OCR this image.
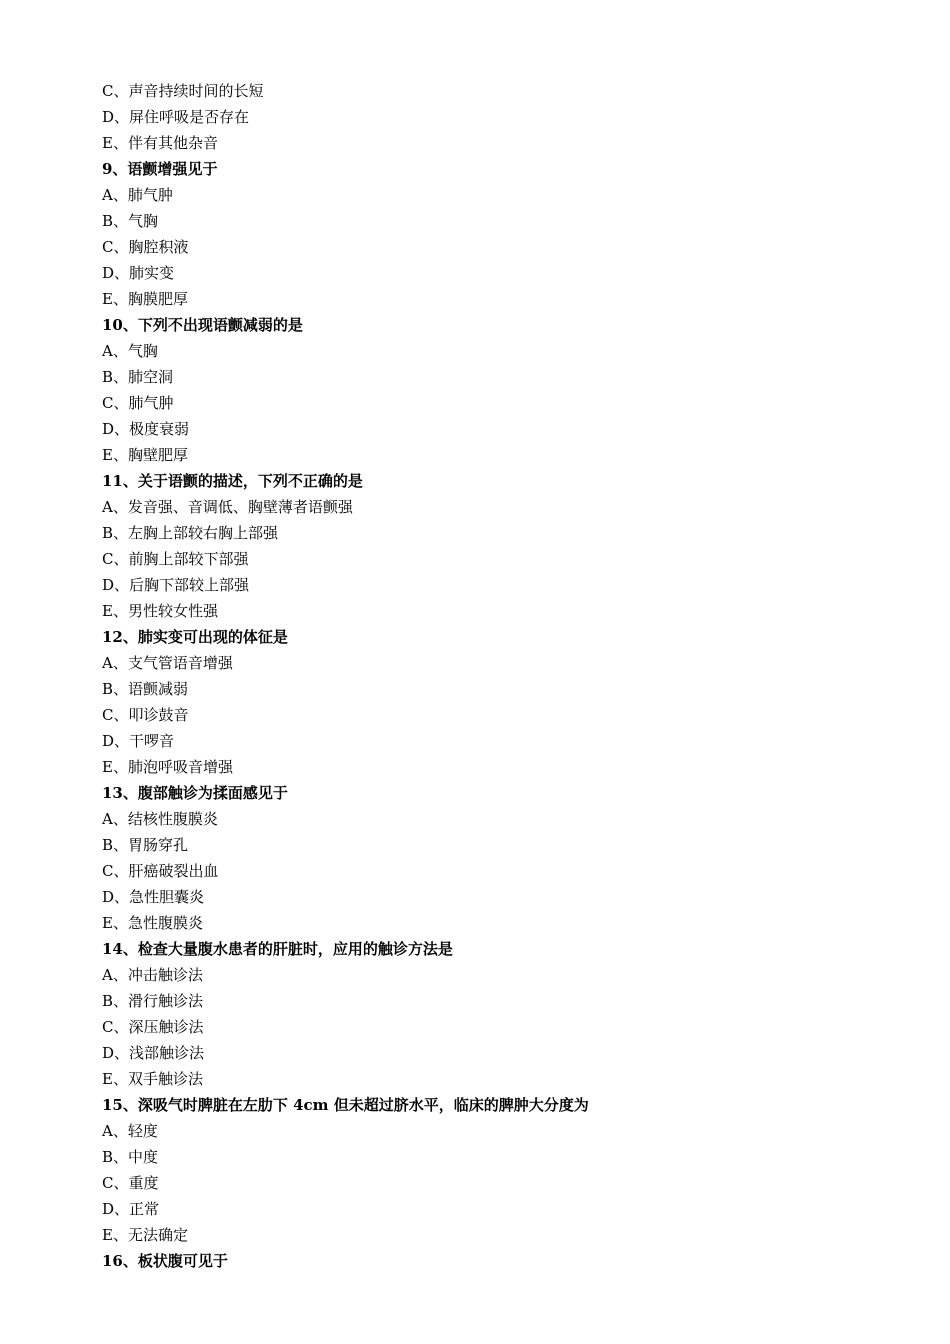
C、声音持续时间的长短
D、屏住呼吸是否存在
E、伴有其他杂音
9、语颤增强见于
A、肺气肿
B、气胸
C、胸腔积液
D、肺实变
E、胸膜肥厚
10、下列不出现语颤减弱的是
A、气胸
B、肺空洞
C、肺气肿
D、极度衰弱
E、胸壁肥厚
11、关于语颤的描述，下列不正确的是
A、发音强、音调低、胸壁薄者语颤强
B、左胸上部较右胸上部强
C、前胸上部较下部强
D、后胸下部较上部强
E、男性较女性强
12、肺实变可出现的体征是
A、支气管语音增强
B、语颤减弱
C、叩诊鼓音
D、干啰音
E、肺泡呼吸音增强
13、腹部触诊为揉面感见于
A、结核性腹膜炎
B、胃肠穿孔
C、肝癌破裂出血
D、急性胆囊炎
E、急性腹膜炎
14、检查大量腹水患者的肝脏时，应用的触诊方法是
A、冲击触诊法
B、滑行触诊法
C、深压触诊法
D、浅部触诊法
E、双手触诊法
15、深吸气时脾脏在左肋下 4cm 但未超过脐水平，临床的脾肿大分度为
A、轻度
B、中度
C、重度
D、正常
E、无法确定
16、板状腹可见于
